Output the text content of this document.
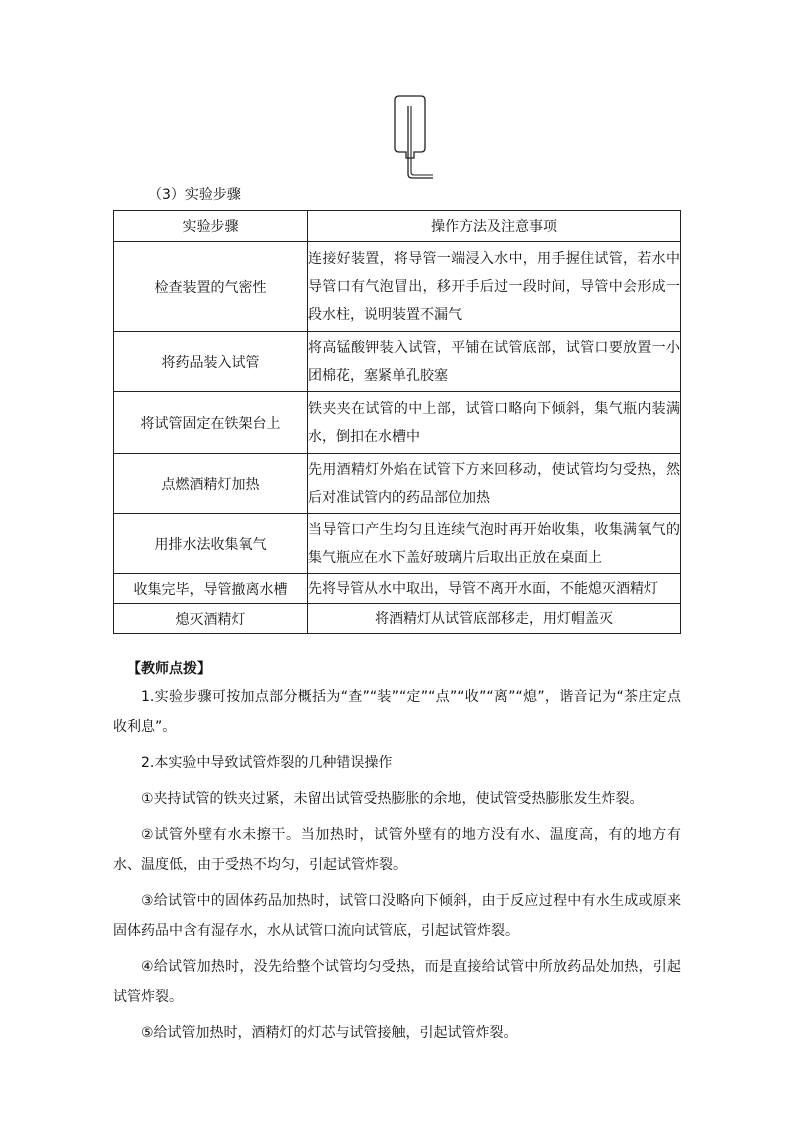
（3）实验步骤
实验步骤	操作方法及注意事项
检查装置的气密性	连接好装置，将导管一端浸入水中，用手握住试管，若水中导管口有气泡冒出，移开手后过一段时间，导管中会形成一段水柱，说明装置不漏气
将药品装入试管	将高锰酸钾装入试管，平铺在试管底部，试管口要放置一小团棉花，塞紧单孔胶塞
将试管固定在铁架台上	铁夹夹在试管的中上部，试管口略向下倾斜，集气瓶内装满水，倒扣在水槽中
点燃酒精灯加热	先用酒精灯外焰在试管下方来回移动，使试管均匀受热，然后对准试管内的药品部位加热
用排水法收集氧气	当导管口产生均匀且连续气泡时再开始收集，收集满氧气的集气瓶应在水下盖好玻璃片后取出正放在桌面上
收集完毕，导管撤离水槽	先将导管从水中取出，导管不离开水面，不能熄灭酒精灯
熄灭酒精灯	将酒精灯从试管底部移走，用灯帽盖灭
【教师点拨】

1.实验步骤可按加点部分概括为“查”“装”“定”“点”“收”“离”“熄”，谐音记为“茶庄定点收利息”。

2.本实验中导致试管炸裂的几种错误操作

①夹持试管的铁夹过紧，未留出试管受热膨胀的余地，使试管受热膨胀发生炸裂。

②试管外壁有水未擦干。当加热时，试管外壁有的地方没有水、温度高，有的地方有水、温度低，由于受热不均匀，引起试管炸裂。

③给试管中的固体药品加热时，试管口没略向下倾斜，由于反应过程中有水生成或原来固体药品中含有湿存水，水从试管口流向试管底，引起试管炸裂。

④给试管加热时，没先给整个试管均匀受热，而是直接给试管中所放药品处加热，引起试管炸裂。

⑤给试管加热时，酒精灯的灯芯与试管接触，引起试管炸裂。
